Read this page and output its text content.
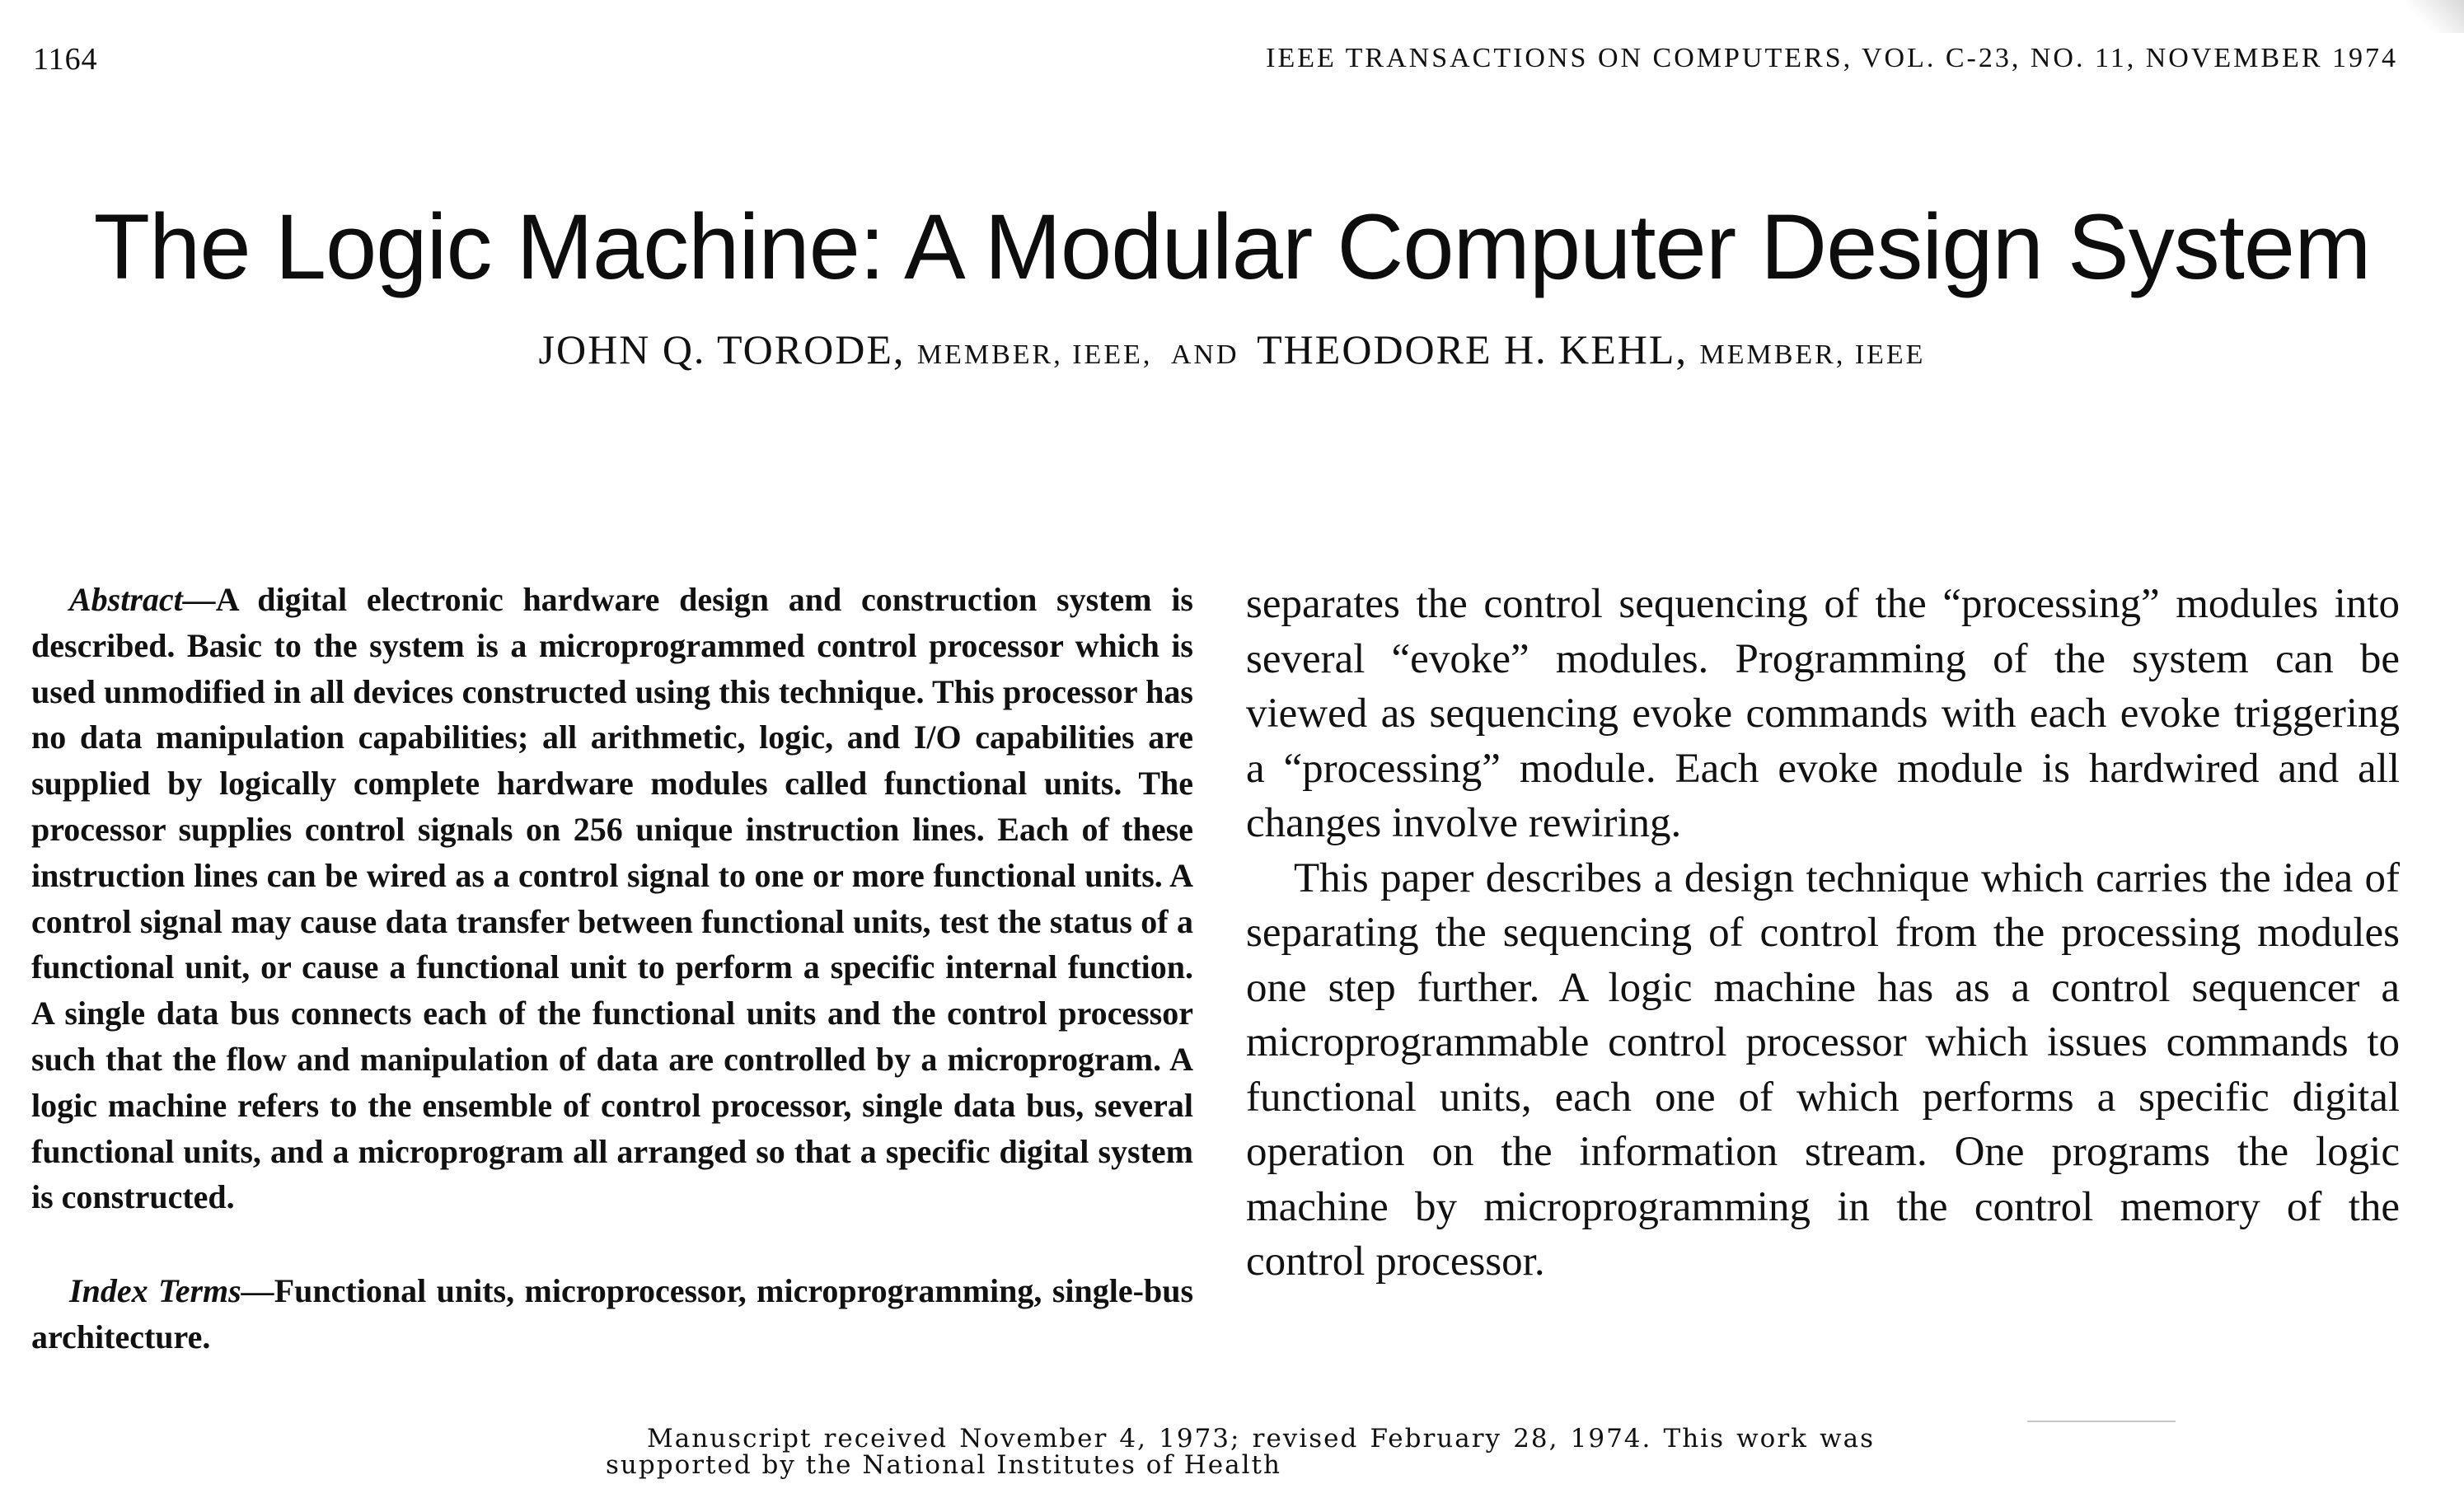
1164	IEEE TRANSACTIONS ON COMPUTERS, VOL. C-23, NO. 11, NOVEMBER 1974
The Logic Machine: A Modular Computer Design System
JOHN Q. TORODE, MEMBER, IEEE, AND THEODORE H. KEHL, MEMBER, IEEE

Abstract—A digital electronic hardware design and construction system is described. Basic to the system is a microprogrammed control processor which is used unmodified in all devices constructed using this technique. This processor has no data manipulation capabilities; all arithmetic, logic, and I/O capabilities are supplied by logically complete hardware modules called functional units. The processor supplies control signals on 256 unique instruction lines. Each of these instruction lines can be wired as a control signal to one or more functional units. A control signal may cause data transfer between functional units, test the status of a functional unit, or cause a functional unit to perform a specific internal function. A single data bus connects each of the functional units and the control processor such that the flow and manipulation of data are controlled by a microprogram. A logic machine refers to the ensemble of control processor, single data bus, several functional units, and a microprogram all arranged so that a specific digital system is constructed.

Index Terms—Functional units, microprocessor, microprogramming, single-bus architecture.

separates the control sequencing of the “processing” modules into several “evoke” modules. Programming of the system can be viewed as sequencing evoke commands with each evoke triggering a “processing” module. Each evoke module is hardwired and all changes involve rewiring.

This paper describes a design technique which carries the idea of separating the sequencing of control from the processing modules one step further. A logic machine has as a control sequencer a microprogrammable control processor which issues commands to functional units, each one of which performs a specific digital operation on the information stream. One programs the logic machine by microprogramming in the control memory of the control processor.

Manuscript received November 4, 1973; revised February 28, 1974. This work was supported by the National Institutes of Health
